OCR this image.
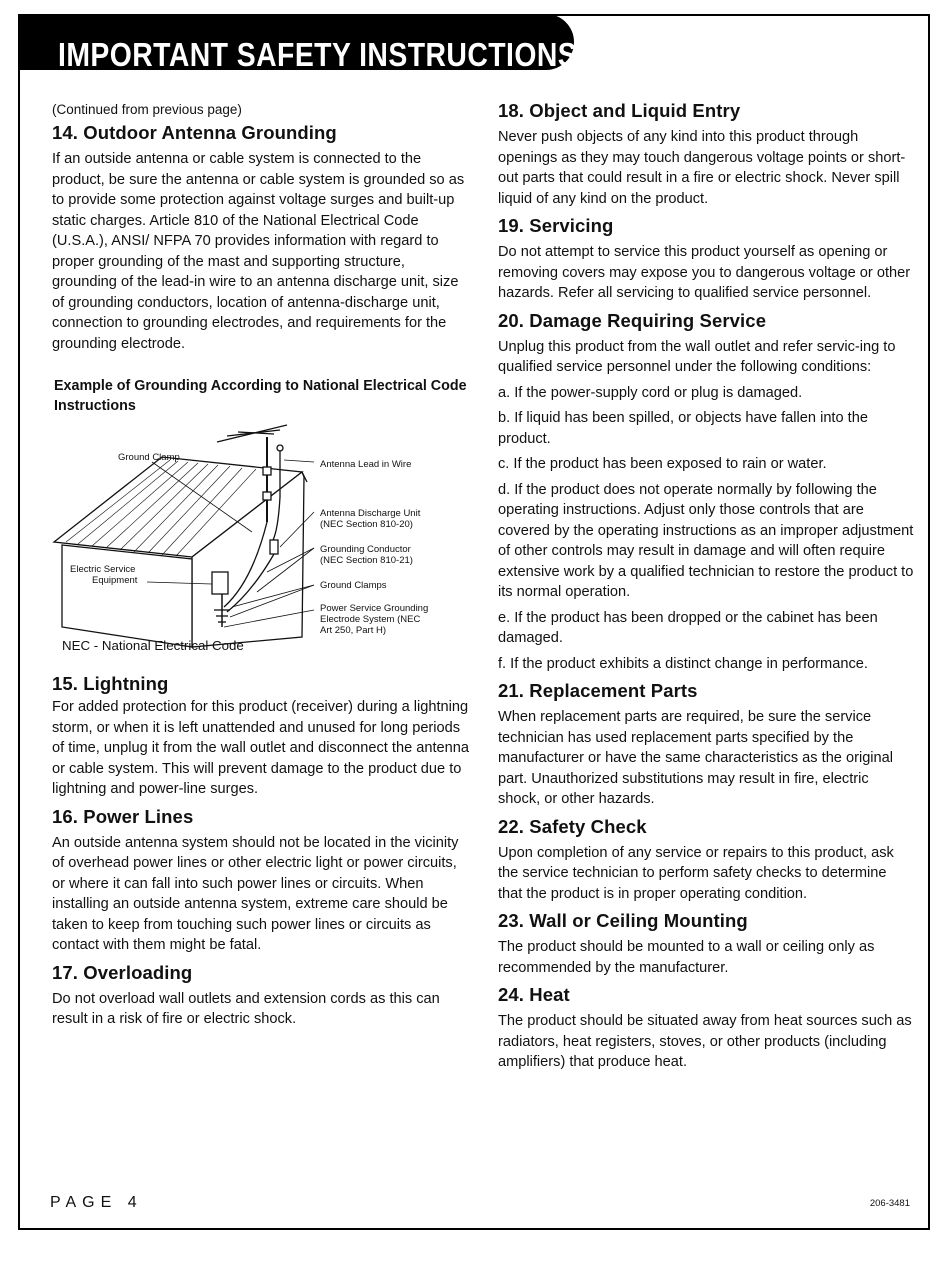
IMPORTANT SAFETY INSTRUCTIONS
(Continued from previous page)
14. Outdoor Antenna Grounding

If an outside antenna or cable system is connected to the product, be sure the antenna or cable system is grounded so as to provide some protection against voltage surges and built-up static charges. Article 810 of the National Electrical Code (U.S.A.), ANSI/ NFPA 70 provides information with regard to proper grounding of the mast and supporting structure, grounding of the lead-in wire to an antenna discharge unit, size of grounding conductors, location of antenna-discharge unit, connection to grounding electrodes, and requirements for the grounding electrode.

Example of Grounding According to National Electrical Code Instructions
Ground Clamp
Antenna Lead in Wire
Antenna Discharge Unit
(NEC Section 810-20)
Grounding Conductor
(NEC Section 810-21)
Electric Service
Equipment	Ground Clamps
Power Service Grounding
Electrode System (NEC
Art 250, Part H)
NEC - National Electrical Code
15. Lightning

For added protection for this product (receiver) during a lightning storm, or when it is left unattended and unused for long periods of time, unplug it from the wall outlet and disconnect the antenna or cable system. This will prevent damage to the product due to lightning and power-line surges.

16. Power Lines

An outside antenna system should not be located in the vicinity of overhead power lines or other electric light or power circuits, or where it can fall into such power lines or circuits. When installing an outside antenna system, extreme care should be taken to keep from touching such power lines or circuits as contact with them might be fatal.

17. Overloading

Do not overload wall outlets and extension cords as this can result in a risk of fire or electric shock.

18. Object and Liquid Entry

Never push objects of any kind into this product through openings as they may touch dangerous voltage points or short-out parts that could result in a fire or electric shock. Never spill liquid of any kind on the product.

19. Servicing

Do not attempt to service this product yourself as opening or removing covers may expose you to dangerous voltage or other hazards. Refer all servicing to qualified service personnel.

20. Damage Requiring Service

Unplug this product from the wall outlet and refer servic-ing to qualified service personnel under the following conditions:

a. If the power-supply cord or plug is damaged.

b. If liquid has been spilled, or objects have fallen into the product.

c. If the product has been exposed to rain or water.

d. If the product does not operate normally by following the operating instructions. Adjust only those controls that are covered by the operating instructions as an improper adjustment of other controls may result in damage and will often require extensive work by a qualified technician to restore the product to its normal operation.

e. If the product has been dropped or the cabinet has been damaged.

f. If the product exhibits a distinct change in performance.

21. Replacement Parts

When replacement parts are required, be sure the service technician has used replacement parts specified by the manufacturer or have the same characteristics as the original part. Unauthorized substitutions may result in fire, electric shock, or other hazards.

22. Safety Check

Upon completion of any service or repairs to this product, ask the service technician to perform safety checks to determine that the product is in proper operating condition.

23. Wall or Ceiling Mounting

The product should be mounted to a wall or ceiling only as recommended by the manufacturer.

24. Heat

The product should be situated away from heat sources such as radiators, heat registers, stoves, or other products (including amplifiers) that produce heat.

PAGE 4	206-3481
